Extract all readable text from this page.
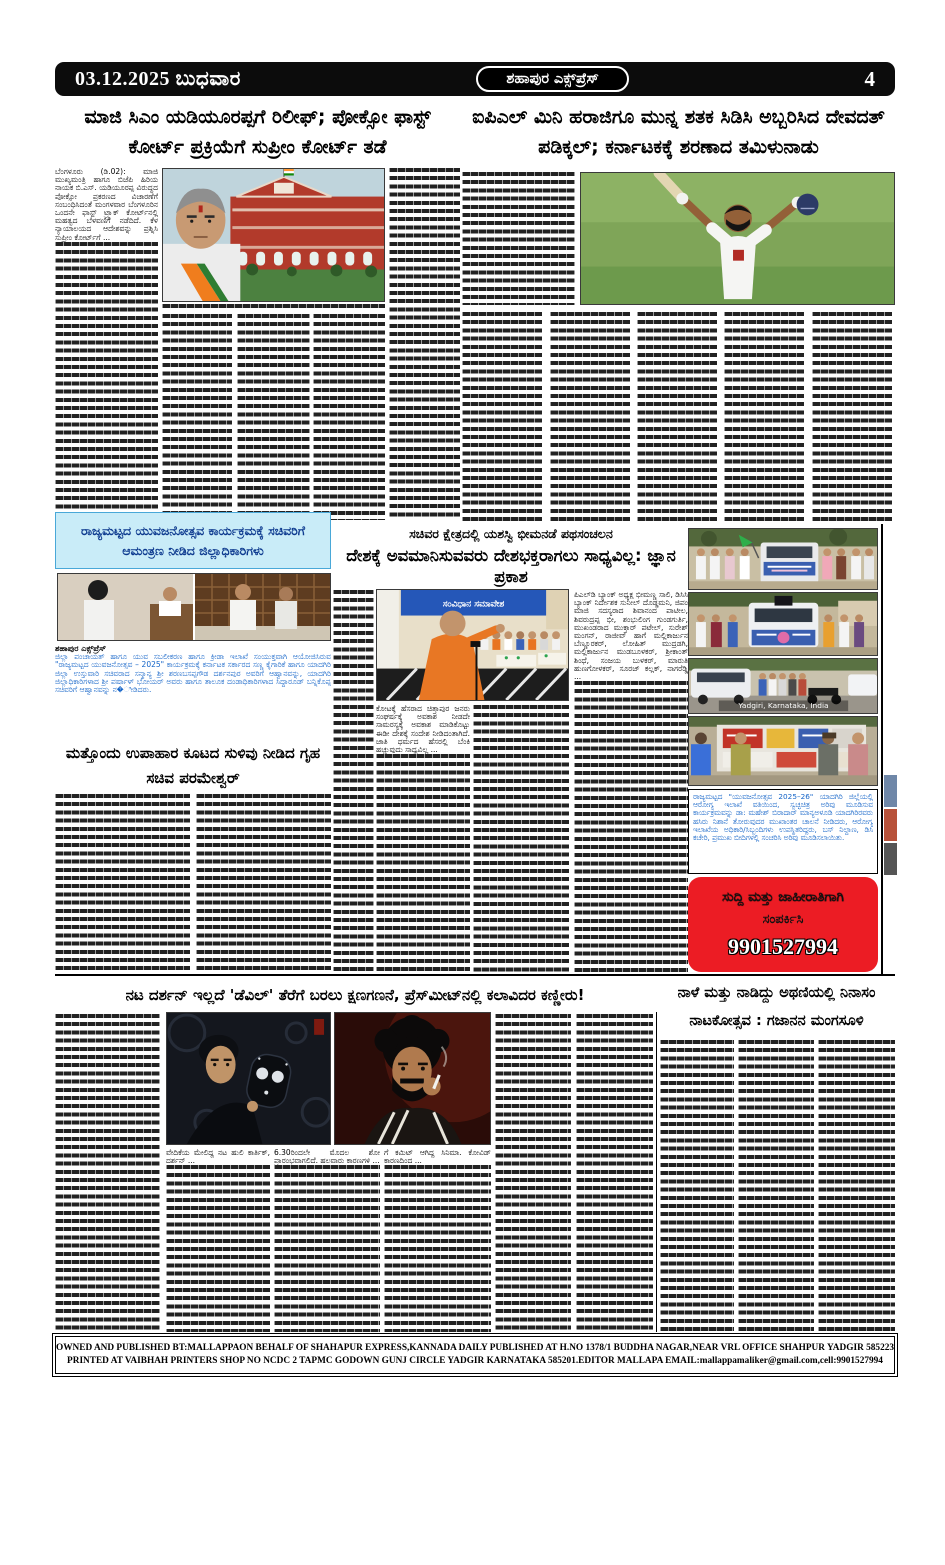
03.12.2025 ಬುಧವಾರ	ಶಹಾಪುರ ಎಕ್ಸ್‌ಪ್ರೆಸ್	4
ಮಾಜಿ ಸಿಎಂ ಯಡಿಯೂರಪ್ಪಗೆ ರಿಲೀಫ್; ಪೋಕ್ಸೋ ಫಾಸ್ಟ್ ಕೋರ್ಟ್ ಪ್ರಕ್ರಿಯೆಗೆ ಸುಪ್ರೀಂ ಕೋರ್ಟ್ ತಡೆ
ಐಪಿಎಲ್ ಮಿನಿ ಹರಾಜಿಗೂ ಮುನ್ನ ಶತಕ ಸಿಡಿಸಿ ಅಬ್ಬರಿಸಿದ ದೇವದತ್ ಪಡಿಕ್ಕಲ್; ಕರ್ನಾಟಕಕ್ಕೆ ಶರಣಾದ ತಮಿಳುನಾಡು
ಬೆಂಗಳೂರು (ಡಿ.02): ಮಾಜಿ ಮುಖ್ಯಮಂತ್ರಿ ಹಾಗೂ ಬಿಜೆಪಿ ಹಿರಿಯ ನಾಯಕ ಬಿ.ಎಸ್. ಯಡಿಯೂರಪ್ಪ ವಿರುದ್ಧದ ಪೋಕ್ಸೋ ಪ್ರಕರಣದ ವಿಚಾರಣೆಗೆ ಸಂಬಂಧಿಸಿದಂತೆ ಮಂಗಳವಾರ ಬೆಂಗಳೂರಿನ ಒಂದನೇ ಫಾಸ್ಟ್ ಟ್ರ್ಯಾಕ್ ಕೋರ್ಟ್‌ನಲ್ಲಿ ಮಹತ್ವದ ಬೆಳವಣಿಗೆ ನಡೆದಿದೆ. ಕೆಳ ನ್ಯಾಯಾಲಯದ ಆದೇಶವನ್ನು ಪ್ರಶ್ನಿಸಿ ಸುಪ್ರೀಂ ಕೋರ್ಟ್‌ಗೆ ...
ರಾಜ್ಯಮಟ್ಟದ ಯುವಜನೋತ್ಸವ ಕಾರ್ಯಕ್ರಮಕ್ಕೆ ಸಚಿವರಿಗೆ ಆಮಂತ್ರಣ ನೀಡಿದ ಜಿಲ್ಲಾಧಿಕಾರಿಗಳು
ಶಹಾಪುರ ಎಕ್ಸ್‌ಪ್ರೆಸ್
ಜಿಲ್ಲಾ ಪಂಚಾಯತ್ ಹಾಗೂ ಯುವ ಸಬಲೀಕರಣ ಹಾಗೂ ಕ್ರೀಡಾ ಇಲಾಖೆ ಸಂಯುಕ್ತವಾಗಿ ಆಯೋಜಿಸಿರುವ "ರಾಜ್ಯಮಟ್ಟದ ಯುವಜನೋತ್ಸವ – 2025" ಕಾರ್ಯಕ್ರಮಕ್ಕೆ ಕರ್ನಾಟಕ ಸರ್ಕಾರದ ಸಣ್ಣ ಕೈಗಾರಿಕೆ ಹಾಗೂ ಯಾದಗಿರಿ ಜಿಲ್ಲಾ ಉಸ್ತುವಾರಿ ಸಚಿವರಾದ ಸನ್ಮಾನ್ಯ ಶ್ರೀ ಶರಣಬಸಪ್ಪಗೌಡ ದರ್ಶನಪುರ ಅವರಿಗೆ ಆಹ್ವಾನವನ್ನು, ಯಾದಗಿರಿ ಜಿಲ್ಲಾಧಿಕಾರಿಗಳಾದ ಶ್ರೀ ಪರ್ಷಾಳ್ ಭೋಯರ್ ಅವರು ಹಾಗೂ ತಾಲೂಕ ದಂಡಾಧಿಕಾರಿಗಳಾದ ಸಿದ್ದಾರೂಡ್ ಬನ್ನಿಕೊಪ್ಪ ಸಚಿವರಿಗೆ ಆಹ್ವಾನವನ್ನು ನ�ೀಡಿದರು.
ಮತ್ತೊಂದು ಉಪಾಹಾರ ಕೂಟದ ಸುಳಿವು ನೀಡಿದ ಗೃಹ ಸಚಿವ ಪರಮೇಶ್ವರ್
ಸಚಿವರ ಕ್ಷೇತ್ರದಲ್ಲಿ ಯಶಸ್ವಿ ಭೀಮನಡೆ ಪಥಸಂಚಲನ
ದೇಶಕ್ಕೆ ಅವಮಾನಿಸುವವರು ದೇಶಭಕ್ತರಾಗಲು ಸಾಧ್ಯವಿಲ್ಲ: ಜ್ಞಾನ ಪ್ರಕಾಶ
ಸಂವಿಧಾನ ಸಮಾವೇಶ
ಪಿಎಲ್‌ಡಿ ಬ್ಯಾಂಕ್ ಅಧ್ಯಕ್ಷ ಭೀಮಣ್ಣ ಸಾಲಿ, ಡಿಸಿಸಿ ಬ್ಯಾಂಕ್ ನಿರ್ದೇಶಕ ಸುನೀಲ್ ದೊಡ್ಡಮನಿ, ಜಿಪಂ ಮಾಜಿ ಸದಸ್ಯರಾದ ಶಿವಾನಂದ ಪಾಟೀಲ, ಶಿವರುದ್ರಪ್ಪ ಭೀ, ಶಂಭುಲಿಂಗ ಗುಂಡಗುರ್ತಿ, ಮುಖಂಡರಾದ ಮುಕ್ತಾರ್ ಪಟೇಲ್, ಸುರೇಶ್ ಮಂಗನ್, ರಾಜೀವ್ ಹಾಗೆ ಮಲ್ಲಿಕಾರ್ಜುನ ಬೆಣ್ಣೂರಕರ್, ಲೋಹಿತ್ ಮುದ್ರಡಗಿ, ಮಲ್ಲಿಕಾರ್ಜುನ ಮುಡಬೂಳಕರ್, ಶ್ರೀಕಾಂತ್ ಶಿಂಧೆ, ಸಂಜಯ ಬುಳಕರ್, ಮಾರುತಿ ಹುಣಗೋಳಕರ್, ಸೂರಜ್ ಕಲ್ಲಕ್, ನಾಗರೆಡ್ಡಿ ...
ಕೋಟಕ್ಕೆ ಹೆಸರಾದ ಚಿತ್ತಾಪುರ ಜನರು ಸಂಘರ್ಷಕ್ಕೆ ಅವಕಾಶ ನೀಡದೇ ಸಾಮರಸ್ಯಕ್ಕೆ ಅವಕಾಶ ಮಾಡಿಕೊಟ್ಟು ಈಡೀ ದೇಶಕ್ಕೆ ಸಂದೇಶ ನೀಡಿದಂತಾಗಿದೆ. ಜಾತಿ ಧರ್ಮದ ಹೆಸರಲ್ಲಿ ಬೆಂಕಿ ಹಚ್ಚುವುದು ಸಾಧ್ಯವಿಲ್ಲ ...
Yadgiri, Karnataka, India
ರಾಜ್ಯಮಟ್ಟದ "ಯುವಜನೋತ್ಸವ 2025–26" ಯಾದಗಿರಿ ಜಿಲ್ಲೆಯಲ್ಲಿ ಆರೋಗ್ಯ ಇಲಾಖೆ ವತಿಯಿಂದ, ಸ್ವಚ್ಛಚಿತ್ರ ಅರಿವು ಮೂಡಿಸುವ ಕಾರ್ಯಕ್ರಮವನ್ನು ಡಾ: ಮಹೇಶ್ ಬಿರಾದಾರ್ ಮಾನ್ಯಅಳೂಡಿ ಯಾದಗಿರಿರವರು ಹಸಿರು ನಿಶಾನೆ ತೋರುವುದರ ಮುಖಾಂತರ ಚಾಲನೆ ನೀಡಿದರು, ಆರೋಗ್ಯ ಇಲಾಖೆಯ ಅಧಿಕಾರಿ/ಸಿಬ್ಬಂದಿಗಳು ಉಪಸ್ಥಿತರಿದ್ದರು, ಬಸ್ ನಿಲ್ದಾಣ, ಡಿಸಿ ಕಚೇರಿ, ಪ್ರಮುಖ ಬೀದಿಗಳಲ್ಲಿ ಸಂಚರಿಸಿ ಅರಿವು ಮೂಡಿಸಲಾಯಿತು.
ಸುದ್ದಿ ಮತ್ತು ಜಾಹೀರಾತಿಗಾಗಿ
ಸಂಪರ್ಕಿಸಿ
9901527994
ನಟ ದರ್ಶನ್ ಇಲ್ಲದೆ 'ಡೆವಿಲ್' ತೆರೆಗೆ ಬರಲು ಕ್ಷಣಗಣನೆ, ಪ್ರೆಸ್‌ಮೀಟ್‌ನಲ್ಲಿ ಕಲಾವಿದರ ಕಣ್ಣೀರು!	ನಾಳೆ ಮತ್ತು ನಾಡಿದ್ದು ಅಥಣಿಯಲ್ಲಿ ನಿನಾಸಂ ನಾಟಕೋತ್ಸವ : ಗಜಾನನ ಮಂಗಸೂಳಿ
ವೇದಿಕೆಯ ಮೇಲಿದ್ದ ನಟ ಹುಲಿ ಕಾರ್ತಿಕ್, ದರ್ಶನ್ ...
6.30ರಿಂದಲೇ ಮೊದಲ ಶೋ ಪ್ರಾರಂಭವಾಗಲಿದೆ. ಹಲವಾರು ಕಾರಣಗಳಿ ...
ಗೆ ಕಮಿಟ್ ಆಗಿದ್ದ ಸಿನಿಮಾ. ಕೋವಿಡ್ ಕಾರಣದಿಂದ ...
OWNED AND PUBLISHED BT:MALLAPPAON BEHALF OF SHAHAPUR EXPRESS,KANNADA DAILY PUBLISHED AT H.NO 1378/1 BUDDHA NAGAR,NEAR VRL OFFICE SHAHPUR YADGIR 585223
PRINTED AT VAIBHAH PRINTERS SHOP NO NCDC 2 TAPMC GODOWN GUNJ CIRCLE YADGIR KARNATAKA 585201.EDITOR MALLAPA EMAIL:mallappamaliker@gmail.com,cell:9901527994
